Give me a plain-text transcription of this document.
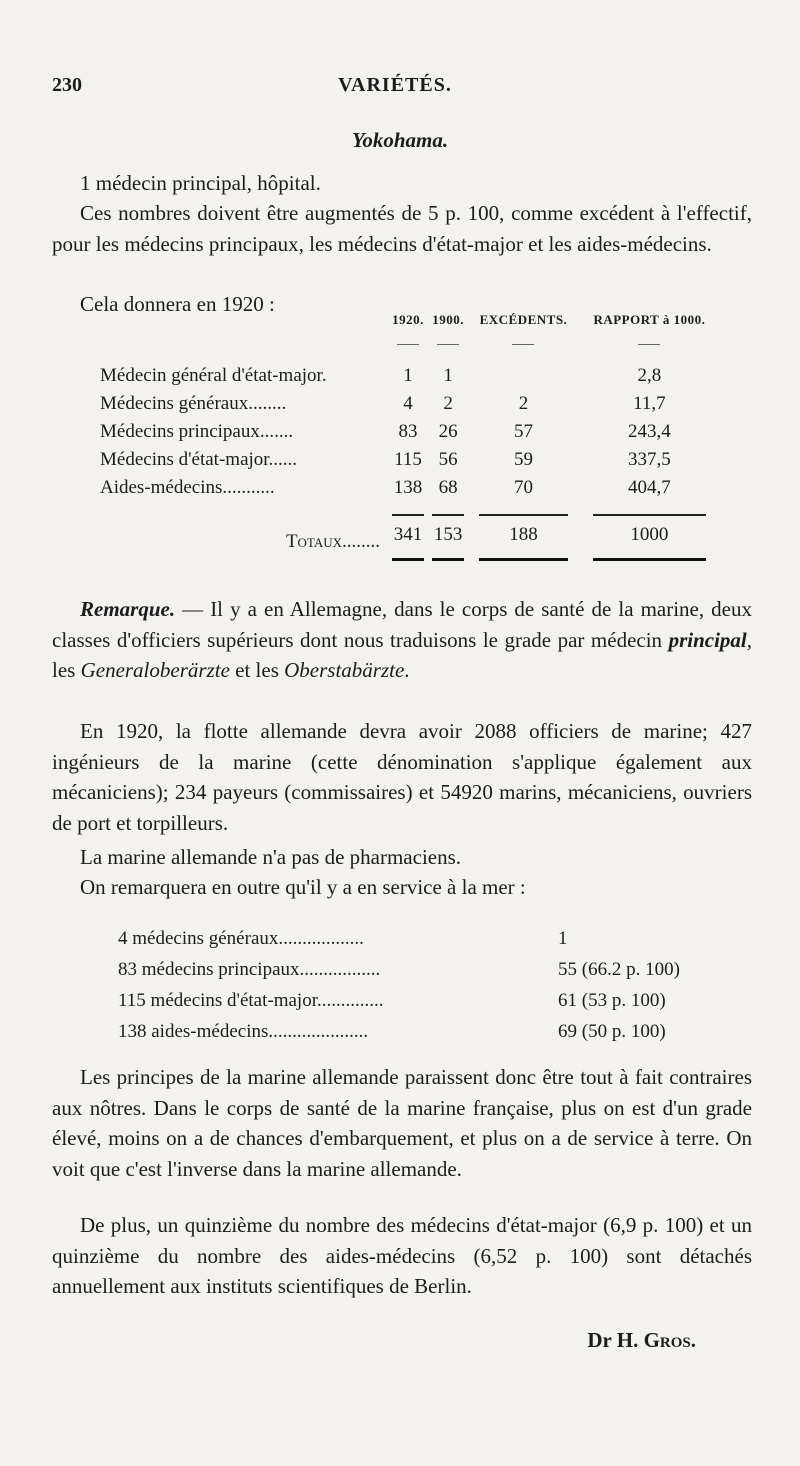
230	VARIÉTÉS.
Yokohama.
1 médecin principal, hôpital.
Ces nombres doivent être augmentés de 5 p. 100, comme excédent à l'effectif, pour les médecins principaux, les médecins d'état-major et les aides-médecins.
Cela donnera en 1920 :
	1920.	1900.	EXCÉDENTS.	RAPPORT à 1000.

Médecin général d'état-major.	1	1		2,8
Médecins généraux........	4	2	2	11,7
Médecins principaux.......	83	26	57	243,4
Médecins d'état-major......	115	56	59	337,5
Aides-médecins...........	138	68	70	404,7
Totaux........	341	153	188	1000
Remarque. — Il y a en Allemagne, dans le corps de santé de la marine, deux classes d'officiers supérieurs dont nous traduisons le grade par médecin principal, les Generaloberärzte et les Oberstabärzte.
En 1920, la flotte allemande devra avoir 2088 officiers de marine; 427 ingénieurs de la marine (cette dénomination s'applique également aux mécaniciens); 234 payeurs (commissaires) et 54920 marins, mécaniciens, ouvriers de port et torpilleurs.
La marine allemande n'a pas de pharmaciens.
On remarquera en outre qu'il y a en service à la mer :
4 médecins généraux..................	1
83 médecins principaux.................	55 (66.2 p. 100)
115 médecins d'état-major..............	61 (53 p. 100)
138 aides-médecins.....................	69 (50 p. 100)
Les principes de la marine allemande paraissent donc être tout à fait contraires aux nôtres. Dans le corps de santé de la marine française, plus on est d'un grade élevé, moins on a de chances d'embarquement, et plus on a de service à terre. On voit que c'est l'inverse dans la marine allemande.
De plus, un quinzième du nombre des médecins d'état-major (6,9 p. 100) et un quinzième du nombre des aides-médecins (6,52 p. 100) sont détachés annuellement aux instituts scientifiques de Berlin.
Dr H. Gros.
